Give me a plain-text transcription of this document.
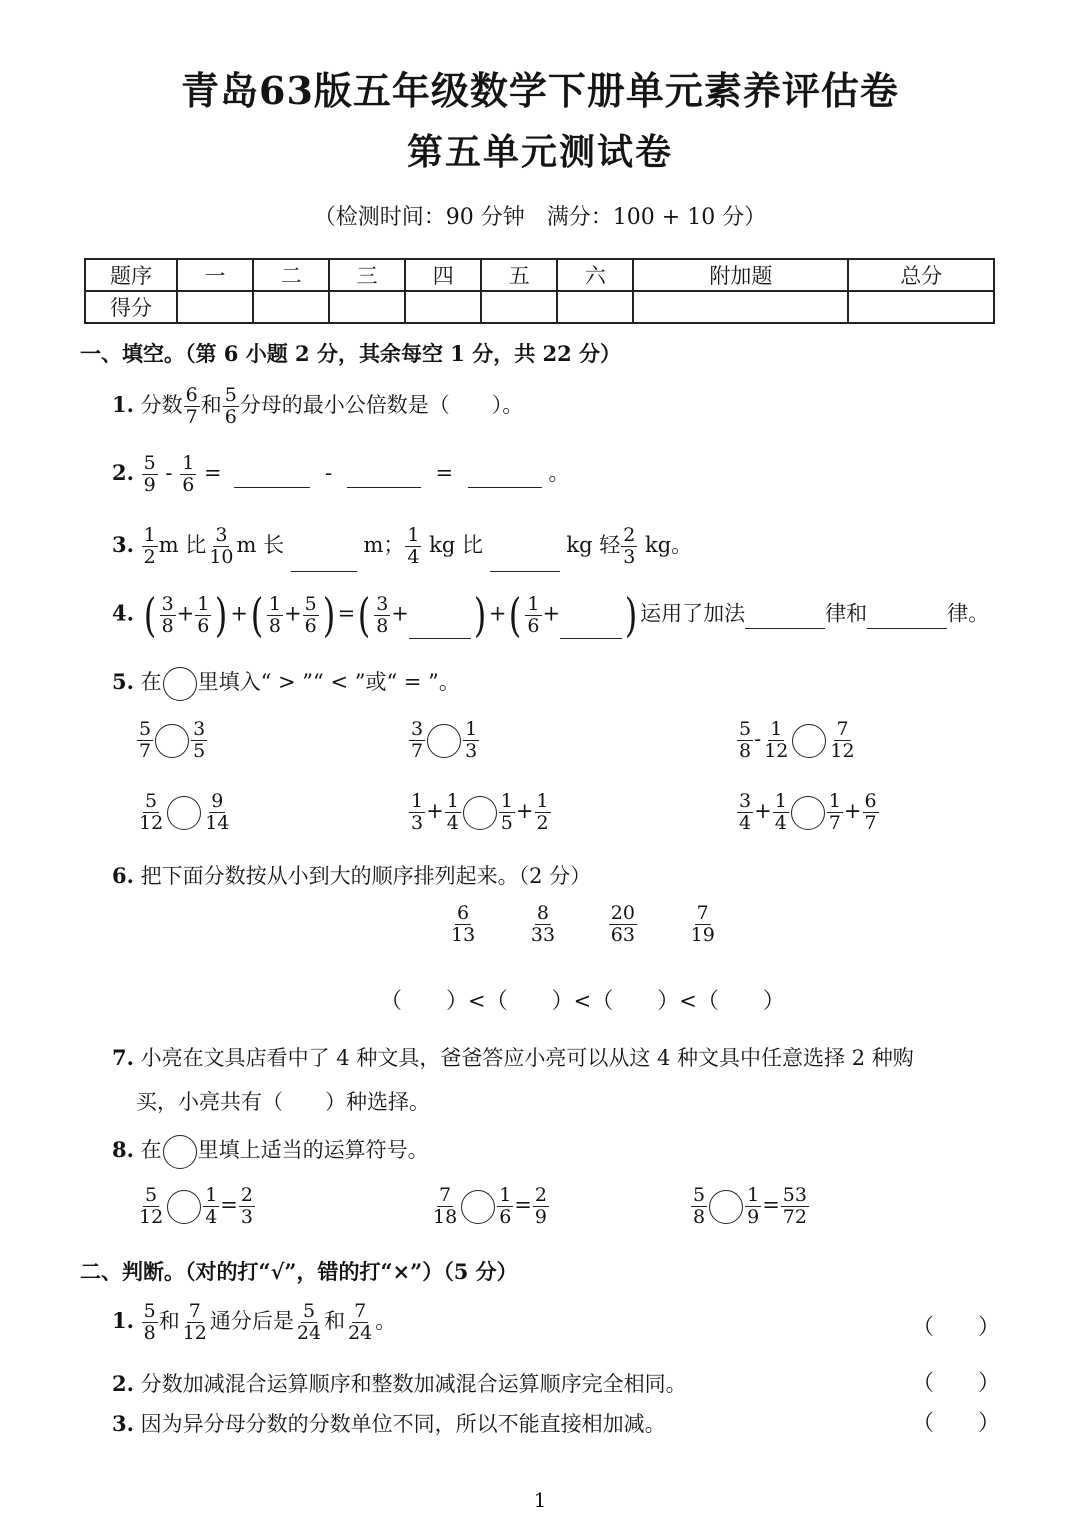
青岛63版五年级数学下册单元素养评估卷
第五单元测试卷
（检测时间：90 分钟　满分：100 + 10 分）
题序	一	二	三	四	五	六	附加题	总分
得分								
一、填空。（第 6 小题 2 分，其余每空 1 分，共 22 分）
1. 分数 $\frac{6}{7}$ 和 $\frac{5}{6}$ 分母的最小公倍数是（　　）。
2. $\frac{5}{9} - \frac{1}{6}$ =	-	=	。
3. $\frac{1}{2}$ m 比 $\frac{3}{10}$ m 长	m； $\frac{1}{4}$ kg 比	kg 轻 $\frac{2}{3}$ kg。
4. ( $\frac{3}{8} + \frac{1}{6}$ ) +( $\frac{1}{8} + \frac{5}{6}$ ) =( $\frac{3}{8}$ + ) +( $\frac{1}{6}$ + ) 运用了加法	律和	律。
5. 在 里填入“ > ”“ < ”或“ = ”。
$\frac{5}{7} \frac{3}{5}$	$\frac{3}{7} \frac{1}{3}$	$\frac{5}{8} - \frac{1}{12} \frac{7}{12}$
$\frac{5}{12} \frac{9}{14}$	$\frac{1}{3} + \frac{1}{4} \frac{1}{5} + \frac{1}{2}$	$\frac{3}{4} + \frac{1}{4} \frac{1}{7} + \frac{6}{7}$
6. 把下面分数按从小到大的顺序排列起来。（2 分）
$\frac{6}{13}$
	$\frac{8}{33}$
	$\frac{20}{63}$
	$\frac{7}{19}$
（　　）<（　　）<（　　）<（　　）
7. 小亮在文具店看中了 4 种文具，爸爸答应小亮可以从这 4 种文具中任意选择 2 种购
买，小亮共有（　　）种选择。
8. 在 里填上适当的运算符号。
$\frac{5}{12} \frac{1}{4} = \frac{2}{3}$	$\frac{7}{18} \frac{1}{6} = \frac{2}{9}$	$\frac{5}{8} \frac{1}{9} = \frac{53}{72}$
二、判断。（对的打“√”，错的打“×”）（5 分）
1. $\frac{5}{8}$ 和 $\frac{7}{12}$ 通分后是 $\frac{5}{24}$ 和 $\frac{7}{24}$ 。	（　　）
2. 分数加减混合运算顺序和整数加减混合运算顺序完全相同。	（　　）
3. 因为异分母分数的分数单位不同，所以不能直接相加减。	（　　）
1
